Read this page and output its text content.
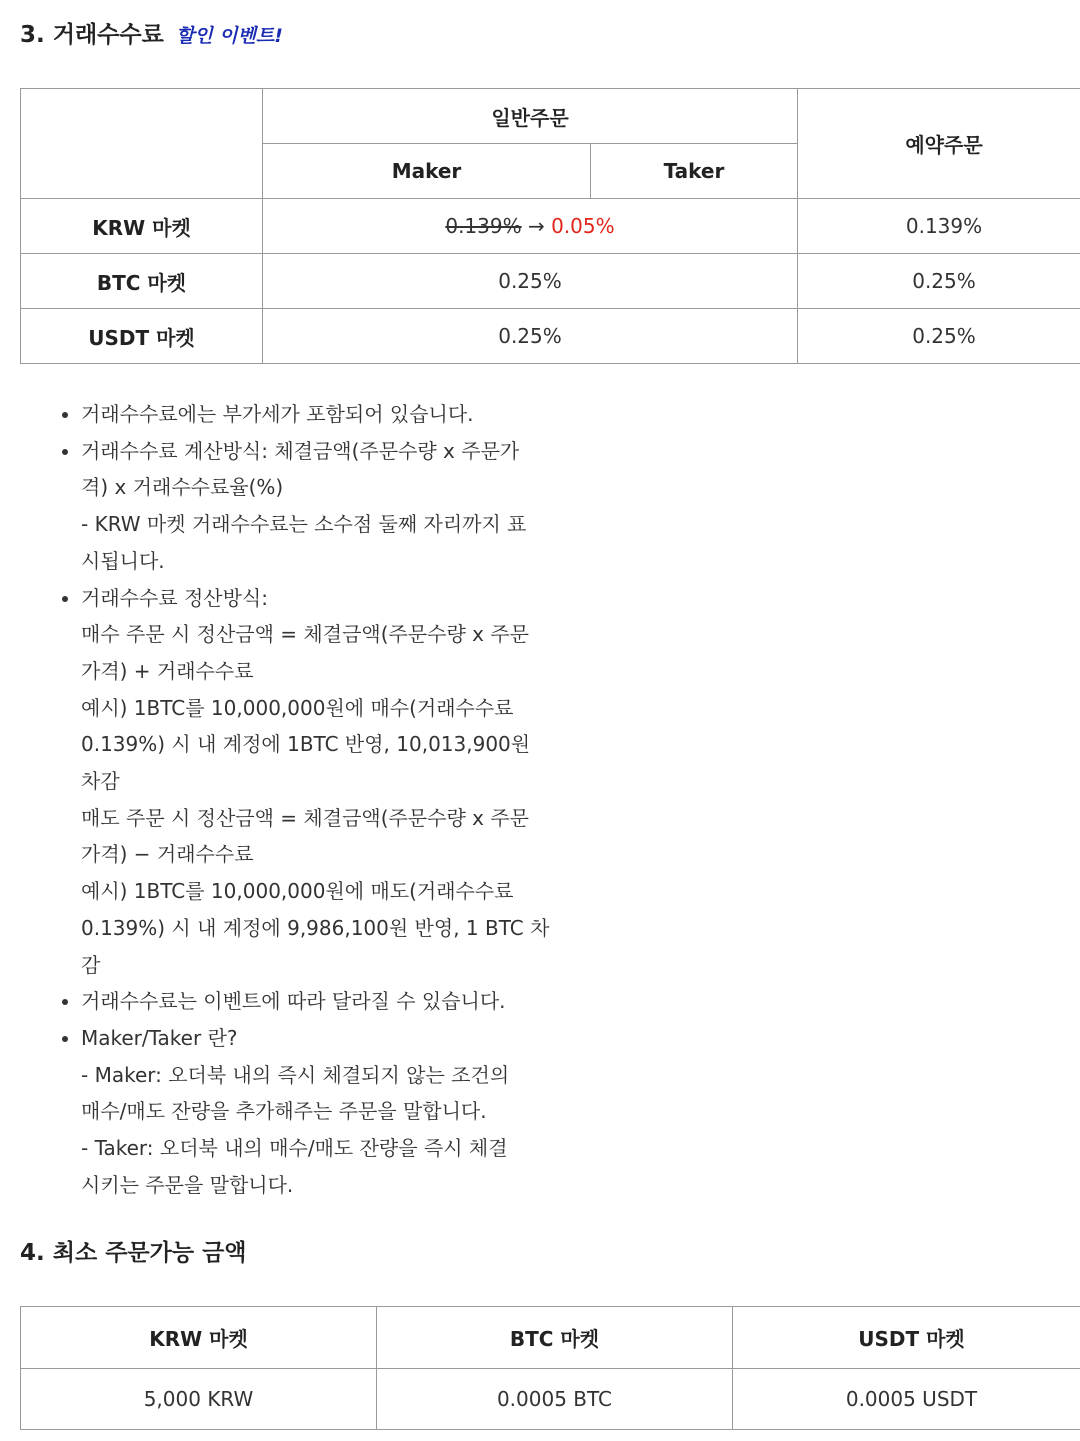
3. 거래수수료 할인 이벤트!
	일반주문		예약주문
	Maker	Taker	
KRW 마켓	0.139% → 0.05%		0.139%
BTC 마켓	0.25%		0.25%
USDT 마켓	0.25%		0.25%
• 거래수수료에는 부가세가 포함되어 있습니다.
• 거래수수료 계산방식: 체결금액(주문수량 x 주문가
격) x 거래수수료율(%)
- KRW 마켓 거래수수료는 소수점 둘째 자리까지 표
시됩니다.
• 거래수수료 정산방식:
매수 주문 시 정산금액 = 체결금액(주문수량 x 주문
가격) + 거래수수료
예시) 1BTC를 10,000,000원에 매수(거래수수료
0.139%) 시 내 계정에 1BTC 반영, 10,013,900원
차감
매도 주문 시 정산금액 = 체결금액(주문수량 x 주문
가격) − 거래수수료
예시) 1BTC를 10,000,000원에 매도(거래수수료
0.139%) 시 내 계정에 9,986,100원 반영, 1 BTC 차
감
• 거래수수료는 이벤트에 따라 달라질 수 있습니다.
• Maker/Taker 란?
- Maker: 오더북 내의 즉시 체결되지 않는 조건의
매수/매도 잔량을 추가해주는 주문을 말합니다.
- Taker: 오더북 내의 매수/매도 잔량을 즉시 체결
시키는 주문을 말합니다.
4. 최소 주문가능 금액
KRW 마켓	BTC 마켓	USDT 마켓
5,000 KRW	0.0005 BTC	0.0005 USDT
